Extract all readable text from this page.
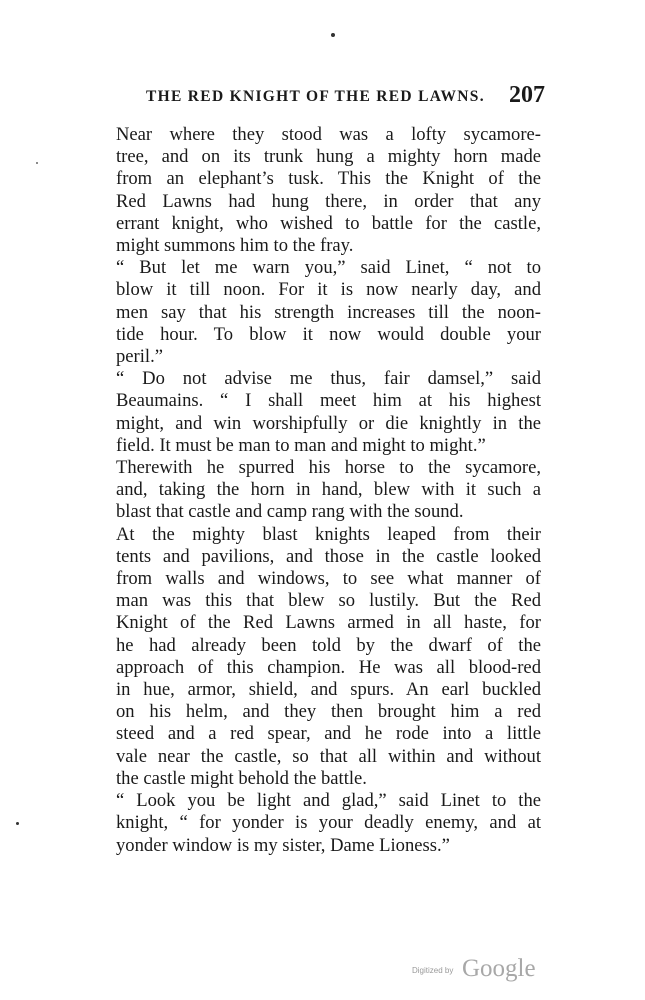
THE RED KNIGHT OF THE RED LAWNS. 207
Near where they stood was a lofty sycamore-
tree, and on its trunk hung a mighty horn made
from an elephant’s tusk. This the Knight of the
Red Lawns had hung there, in order that any
errant knight, who wished to battle for the castle,
might summons him to the fray.
“ But let me warn you,” said Linet, “ not to
blow it till noon. For it is now nearly day, and
men say that his strength increases till the noon-
tide hour. To blow it now would double your
peril.”
“ Do not advise me thus, fair damsel,” said
Beaumains. “ I shall meet him at his highest
might, and win worshipfully or die knightly in the
field. It must be man to man and might to might.”
Therewith he spurred his horse to the sycamore,
and, taking the horn in hand, blew with it such a
blast that castle and camp rang with the sound.
At the mighty blast knights leaped from their
tents and pavilions, and those in the castle looked
from walls and windows, to see what manner of
man was this that blew so lustily. But the Red
Knight of the Red Lawns armed in all haste, for
he had already been told by the dwarf of the
approach of this champion. He was all blood-red
in hue, armor, shield, and spurs. An earl buckled
on his helm, and they then brought him a red
steed and a red spear, and he rode into a little
vale near the castle, so that all within and without
the castle might behold the battle.
“ Look you be light and glad,” said Linet to the
knight, “ for yonder is your deadly enemy, and at
yonder window is my sister, Dame Lioness.”
Digitized by Google
